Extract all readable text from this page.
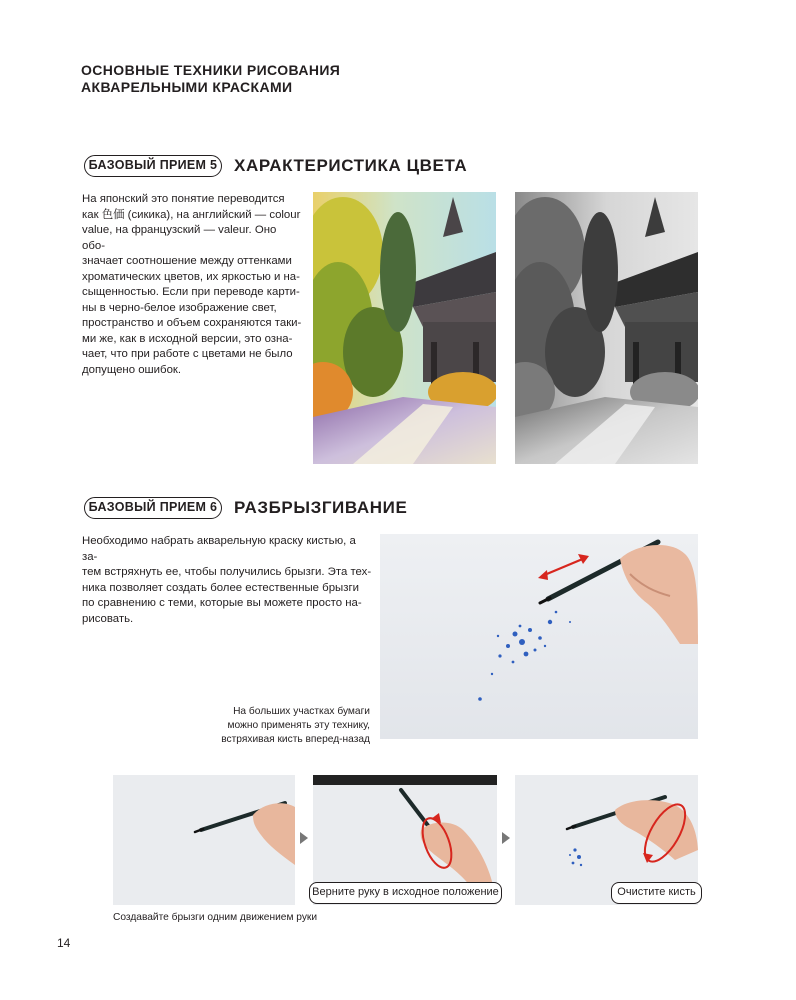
ОСНОВНЫЕ ТЕХНИКИ РИСОВАНИЯ
АКВАРЕЛЬНЫМИ КРАСКАМИ
БАЗОВЫЙ ПРИЕМ 5 ХАРАКТЕРИСТИКА ЦВЕТА
На японский это понятие переводится
как 色価 (сикика), на английский — colour
value, на французский — valeur. Оно обо-
значает соотношение между оттенками
хроматических цветов, их яркостью и на-
сыщенностью. Если при переводе карти-
ны в черно-белое изображение свет,
пространство и объем сохраняются таки-
ми же, как в исходной версии, это озна-
чает, что при работе с цветами не было
допущено ошибок.
БАЗОВЫЙ ПРИЕМ 6 РАЗБРЫЗГИВАНИЕ
Необходимо набрать акварельную краску кистью, а за-
тем встряхнуть ее, чтобы получились брызги. Эта тех-
ника позволяет создать более естественные брызги
по сравнению с теми, которые вы можете просто на-
рисовать.
На больших участках бумаги
можно применять эту технику,
встряхивая кисть вперед-назад
Верните руку в исходное положение	Очистите кисть
Создавайте брызги одним движением руки
14
